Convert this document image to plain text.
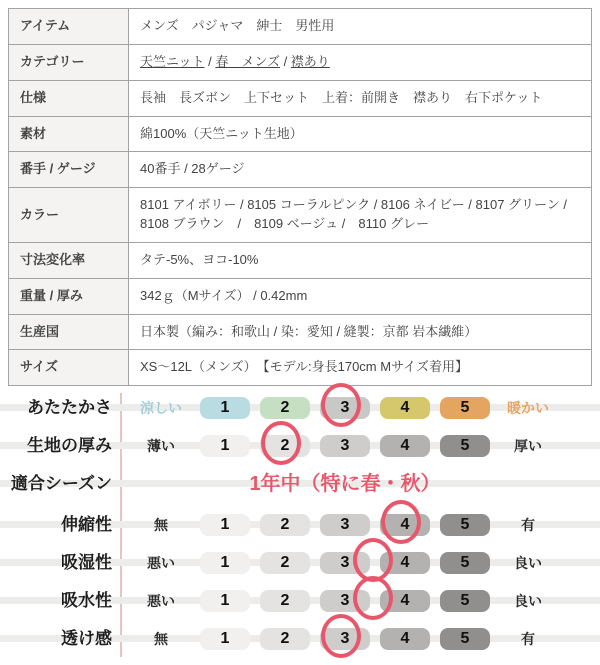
アイテム	メンズ　パジャマ　紳士　男性用
カテゴリー	天竺ニット / 春　メンズ / 襟あり
仕様	長袖　長ズボン　上下セット　上着：前開き　襟あり　右下ポケット
素材	綿100%（天竺ニット生地）
番手 / ゲージ	40番手 / 28ゲージ
カラー	8101 アイボリー / 8105 コーラルピンク / 8106 ネイビー / 8107 グリーン / 8108 ブラウン　/　8109 ベージュ /　8110 グレー
寸法変化率	タテ-5%、ヨコ-10%
重量 / 厚み	342ｇ（Mサイズ） / 0.42mm
生産国	日本製（編み：和歌山 / 染：愛知 / 縫製：京都 岩本繊維）
サイズ	XS〜12L（メンズ）　【モデル:身長170cm Mサイズ着用】
あたたかさ	涼しい	1	2	3	4	5	暖かい
生地の厚み	薄い	1	2	3	4	5	厚い
適合シーズン	1年中（特に春・秋）
伸縮性	無	1	2	3	4	5	有
吸湿性	悪い	1	2	3	4	5	良い
吸水性	悪い	1	2	3	4	5	良い
透け感	無	1	2	3	4	5	有
